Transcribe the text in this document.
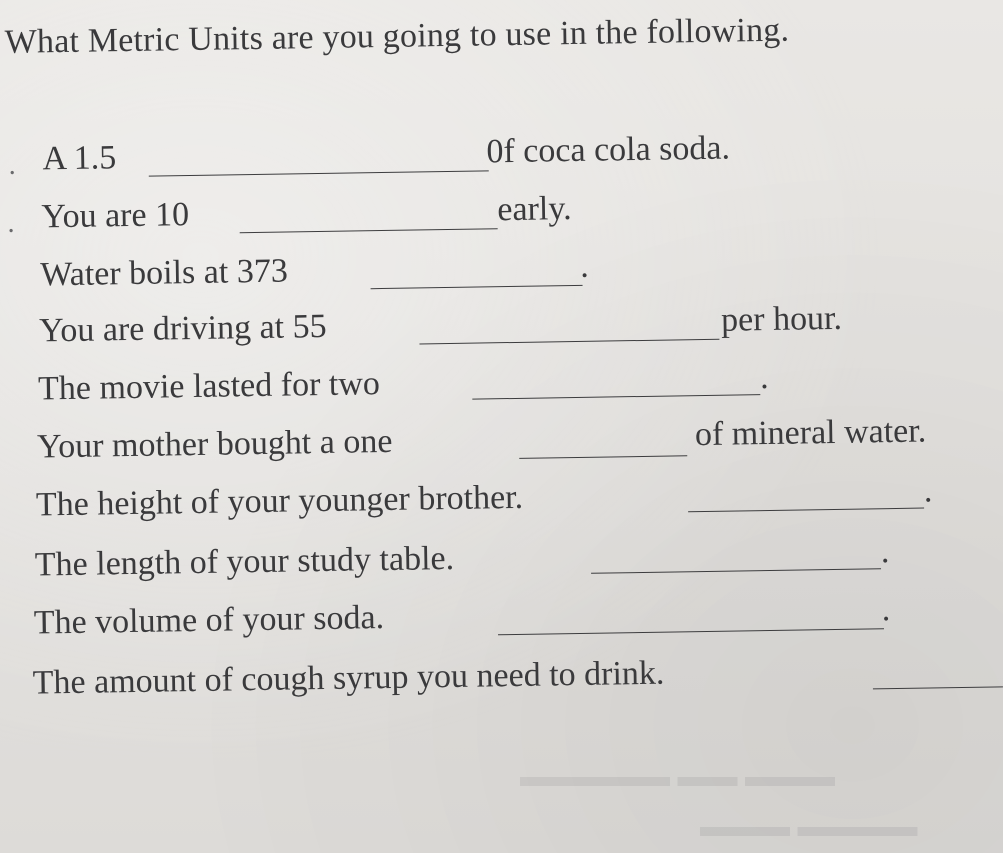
What Metric Units are you going to use in the following.
.
.
A 1.5	0f coca cola soda.
You are 10	early.
Water boils at 373	.
You are driving at 55	per hour.
The movie lasted for two	.
Your mother bought a one	of mineral water.
The height of your younger brother.	.
The length of your study table.	.
The volume of your soda.	.
The amount of cough syrup you need to drink.
▬▬▬ ▬▬ ▬▬▬▬▬
▬▬▬▬ ▬▬▬
